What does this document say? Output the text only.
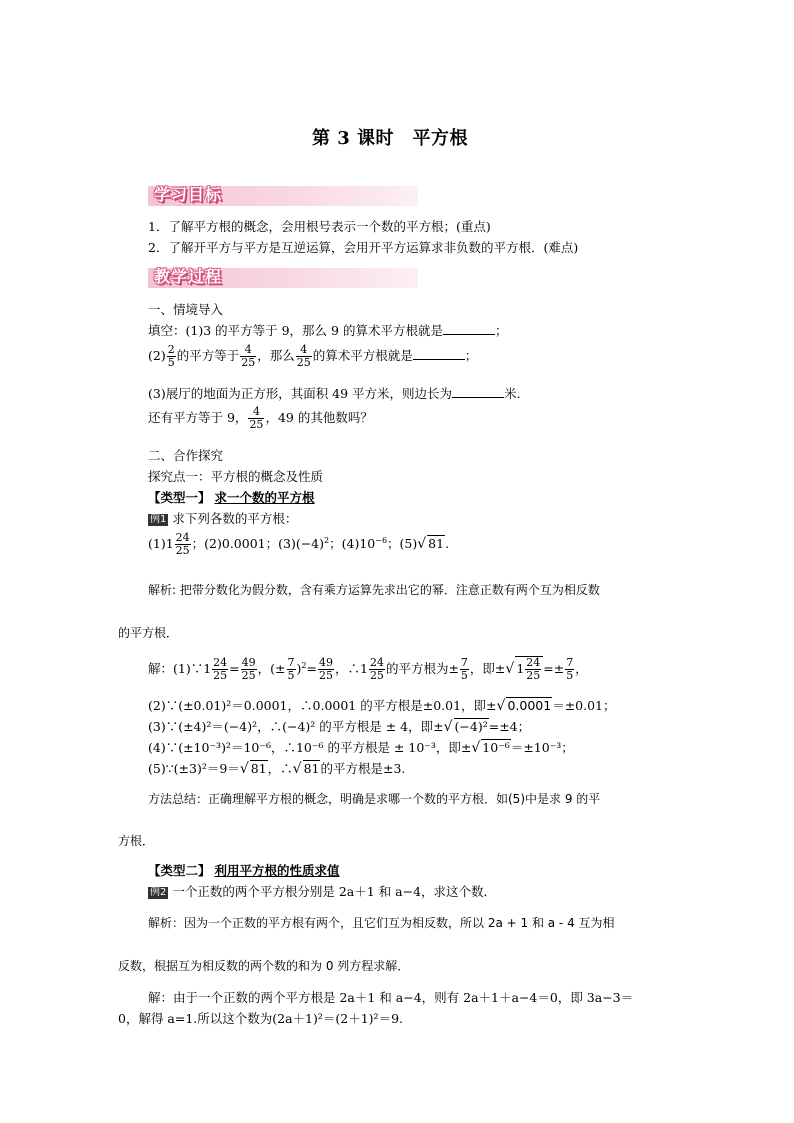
第 3 课时　平方根
学习目标
1．了解平方根的概念，会用根号表示一个数的平方根；(重点)
2．了解开平方与平方是互逆运算，会用开平方运算求非负数的平方根．(难点)
教学过程
一、情境导入
填空：(1)3 的平方等于 9，那么 9 的算术平方根就是	；
$(2) \frac{2}{5}$ 的平方等于 $\frac{4}{25}$ ，那么 $\frac{4}{25}$ 的算术平方根就是	；
(3)展厅的地面为正方形，其面积 49 平方米，则边长为	米．
还有平方等于 9， $\frac{4}{25}$ ，49 的其他数吗？
二、合作探究
探究点一：平方根的概念及性质
【类型一】 求一个数的平方根
例1 求下列各数的平方根：
$(1)1 \frac{24}{25}$ ；(2)0.0001；$(3)(-4)^2$；$(4)10^{-6}$；(5)√ 81.
解析: 把带分数化为假分数，含有乘方运算先求出它的幂．注意正数有两个互为相反数
的平方根．
解：(1)∵1 $\frac{24}{25} = \frac{49}{25}$ ，(± $\frac{7}{5} )^2= \frac{49}{25}$ ，∴1 $\frac{24}{25}$ 的平方根为± $\frac{7}{5}$ ，即±√ $1 \frac{24}{25} =\pm \frac{7}{5}$ ，
(2)∵(±0.01)²＝0.0001，∴0.0001 的平方根是±0.01，即±√ 0.0001＝±0.01；
(3)∵(±4)²＝(−4)²，∴(−4)² 的平方根是 ± 4，即±√ (−4)²=±4；
(4)∵(±10⁻³)²＝10⁻⁶，∴10⁻⁶ 的平方根是 ± 10⁻³，即±√ 10⁻⁶＝±10⁻³；
(5)∵(±3)²＝9＝√ 81，∴√ 81的平方根是±3.
方法总结：正确理解平方根的概念，明确是求哪一个数的平方根．如(5)中是求 9 的平
方根．
【类型二】 利用平方根的性质求值
例2 一个正数的两个平方根分别是 2a＋1 和 a−4，求这个数．
解析：因为一个正数的平方根有两个，且它们互为相反数，所以 2a + 1 和 a - 4 互为相
反数，根据互为相反数的两个数的和为 0 列方程求解．
解：由于一个正数的两个平方根是 2a＋1 和 a−4，则有 2a＋1＋a−4＝0，即 3a−3＝
0，解得 a=1.所以这个数为(2a＋1)²＝(2＋1)²＝9.
